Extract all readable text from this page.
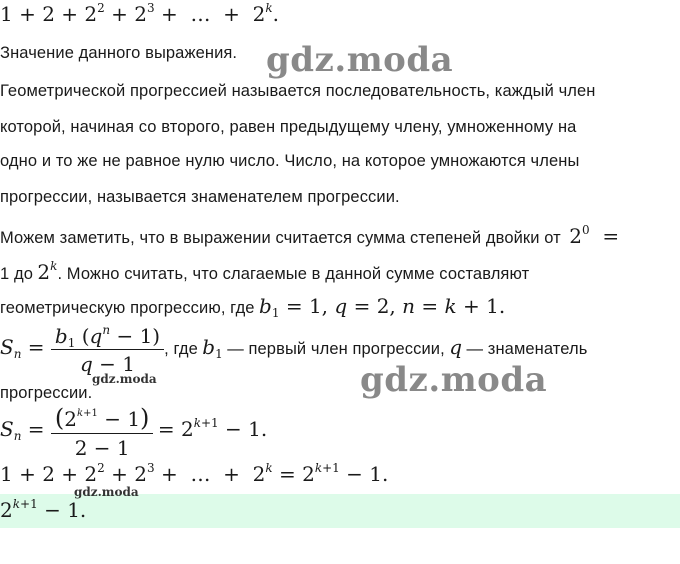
$1 + 2 + 2^2 + 2^3$ +  …  +  2$^k$.
Значение данного выражения.
Геометрической прогрессией называется последовательность, каждый член
которой, начиная со второго, равен предыдущему члену, умноженному на
одно и то же не равное нулю число. Число, на которое умножаются члены
прогрессии, называется знаменателем прогрессии.
Можем заметить, что в выражении считается сумма степеней двойки от $2^0$  =
1 до 2$^k$. Можно считать, что слагаемые в данной сумме составляют
геометрическую прогрессию, где $b_1 = 1$, q = 2, n = k + 1.
$S_n = \frac{b_1 (q^n - 1)}{q - 1}$ , где $b_1$ — первый член прогрессии, q — знаменатель
прогрессии.
$S_n = \frac{(2^{k+1} - 1)}{2 - 1} = 2^{k+1} - 1$.
$1 + 2 + 2^2 + 2^3$ +  …  +  $2^k = 2^{k+1} - 1$.
$2^{k+1} - 1$.
gdz.moda
gdz.moda
gdz.moda
gdz.moda
